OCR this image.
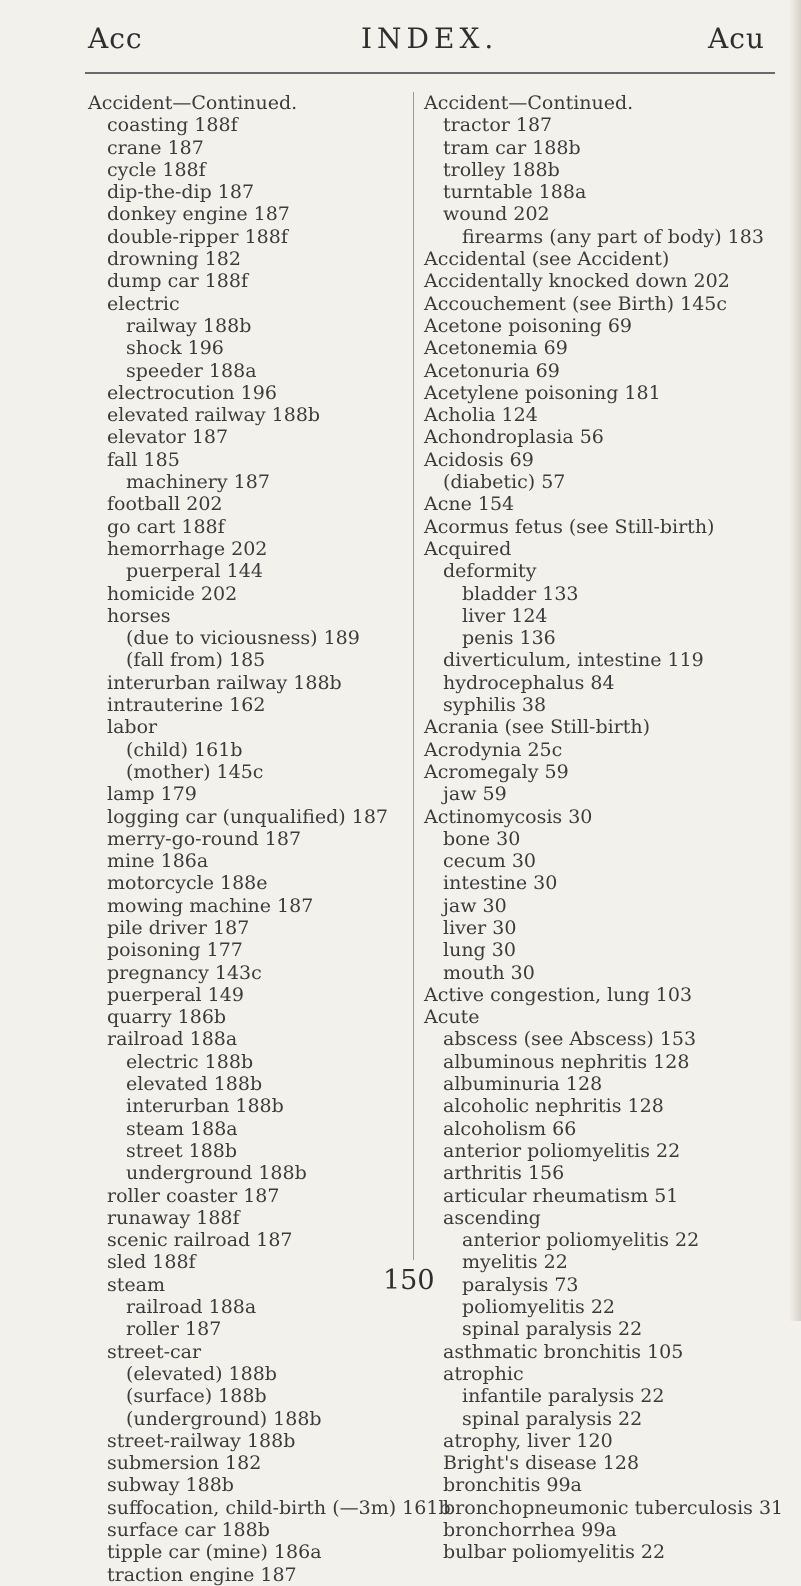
Acc	INDEX.	Acu
Accident—Continued.
coasting 188f
crane 187
cycle 188f
dip-the-dip 187
donkey engine 187
double-ripper 188f
drowning 182
dump car 188f
electric
railway 188b
shock 196
speeder 188a
electrocution 196
elevated railway 188b
elevator 187
fall 185
machinery 187
football 202
go cart 188f
hemorrhage 202
puerperal 144
homicide 202
horses
(due to viciousness) 189
(fall from) 185
interurban railway 188b
intrauterine 162
labor
(child) 161b
(mother) 145c
lamp 179
logging car (unqualified) 187
merry-go-round 187
mine 186a
motorcycle 188e
mowing machine 187
pile driver 187
poisoning 177
pregnancy 143c
puerperal 149
quarry 186b
railroad 188a
electric 188b
elevated 188b
interurban 188b
steam 188a
street 188b
underground 188b
roller coaster 187
runaway 188f
scenic railroad 187
sled 188f
steam
railroad 188a
roller 187
street-car
(elevated) 188b
(surface) 188b
(underground) 188b
street-railway 188b
submersion 182
subway 188b
suffocation, child-birth (—3m) 161b
surface car 188b
tipple car (mine) 186a
traction engine 187
Accident—Continued.
tractor 187
tram car 188b
trolley 188b
turntable 188a
wound 202
firearms (any part of body) 183
Accidental (see Accident)
Accidentally knocked down 202
Accouchement (see Birth) 145c
Acetone poisoning 69
Acetonemia 69
Acetonuria 69
Acetylene poisoning 181
Acholia 124
Achondroplasia 56
Acidosis 69
(diabetic) 57
Acne 154
Acormus fetus (see Still-birth)
Acquired
deformity
bladder 133
liver 124
penis 136
diverticulum, intestine 119
hydrocephalus 84
syphilis 38
Acrania (see Still-birth)
Acrodynia 25c
Acromegaly 59
jaw 59
Actinomycosis 30
bone 30
cecum 30
intestine 30
jaw 30
liver 30
lung 30
mouth 30
Active congestion, lung 103
Acute
abscess (see Abscess) 153
albuminous nephritis 128
albuminuria 128
alcoholic nephritis 128
alcoholism 66
anterior poliomyelitis 22
arthritis 156
articular rheumatism 51
ascending
anterior poliomyelitis 22
myelitis 22
paralysis 73
poliomyelitis 22
spinal paralysis 22
asthmatic bronchitis 105
atrophic
infantile paralysis 22
spinal paralysis 22
atrophy, liver 120
Bright's disease 128
bronchitis 99a
bronchopneumonic tuberculosis 31
bronchorrhea 99a
bulbar poliomyelitis 22
150
